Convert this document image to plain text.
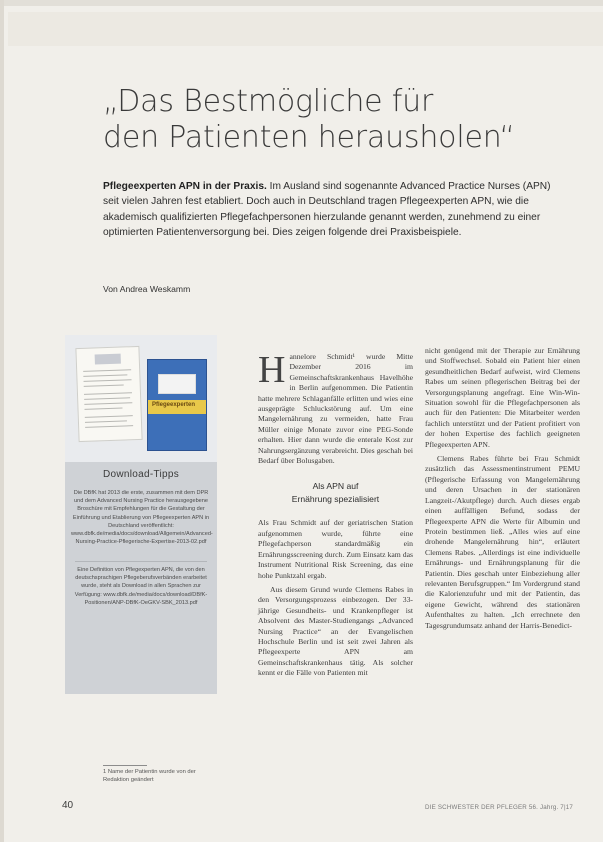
„Das Bestmögliche für
den Patienten herausholen“
Pflegeexperten APN in der Praxis. Im Ausland sind sogenannte Advanced Practice Nurses (APN) seit vielen Jahren fest etabliert. Doch auch in Deutschland tragen Pflegeexperten APN, wie die akademisch qualifizierten Pflegefachpersonen hierzulande genannt werden, zunehmend zu einer optimierten Patientenversorgung bei. Dies zeigen folgende drei Praxisbeispiele.
Von Andrea Weskamm
Pflegeexperten
Download-Tipps
Die DBfK hat 2013 die erste, zusammen mit dem DPR und dem Advanced Nursing Practice herausgegebene Broschüre mit Empfehlungen für die Gestaltung der Einführung und Etablierung von Pflegeexperten APN in Deutschland veröffentlicht: www.dbfk.de/media/docs/download/Allgemein/Advanced-Nursing-Practice-Pflegerische-Expertise-2013-02.pdf
Eine Definition von Pflegexperten APN, die von den deutschsprachigen Pflegeberufsverbänden erarbeitet wurde, steht als Download in allen Sprachen zur Verfügung: www.dbfk.de/media/docs/download/DBfK-Positionen/ANP-DBfK-OeGKV-SBK_2013.pdf
1 Name der Patientin wurde von der Redaktion geändert

Hannelore Schmidt¹ wurde Mitte Dezember 2016 im Gemeinschaftskrankenhaus Havelhöhe in Berlin aufgenommen. Die Patientin hatte mehrere Schlaganfälle erlitten und wies eine ausgeprägte Schluckstörung auf. Um eine Mangelernährung zu vermeiden, hatte Frau Müller einige Monate zuvor eine PEG-Sonde erhalten. Hier dann wurde die enterale Kost zur Nahrungsergänzung verabreicht. Dies geschah bei Bedarf über Bolusgaben.

Als APN auf
Ernährung spezialisiert

Als Frau Schmidt auf der geriatrischen Station aufgenommen wurde, führte eine Pflegefachperson standardmäßig ein Ernährungsscreening durch. Zum Einsatz kam das Instrument Nutritional Risk Screening, das eine hohe Punktzahl ergab.

Aus diesem Grund wurde Clemens Rabes in den Versorgungsprozess einbezogen. Der 33-jährige Gesundheits- und Krankenpfleger ist Absolvent des Master-Studiengangs „Advanced Nursing Practice“ an der Evangelischen Hochschule Berlin und ist seit zwei Jahren als Pflegeexperte APN am Gemeinschaftskrankenhaus tätig. Als solcher kennt er die Fälle von Patienten mit

nicht genügend mit der Therapie zur Ernährung und Stoffwechsel. Sobald ein Patient hier einen gesundheitlichen Bedarf aufweist, wird Clemens Rabes um seinen pflegerischen Beitrag bei der Versorgungsplanung angefragt. Eine Win-Win-Situation sowohl für die Pflegefachpersonen als auch für den Patienten: Die Mitarbeiter werden fachlich unterstützt und der Patient profitiert von der hohen Expertise des fachlich geeigneten Pflegeexperten APN.

Clemens Rabes führte bei Frau Schmidt zusätzlich das Assessmentinstrument PEMU (Pflegerische Erfassung von Mangelernährung und deren Ursachen in der stationären Langzeit-/Akutpflege) durch. Auch dieses ergab einen auffälligen Befund, sodass der Pflegeexperte APN die Werte für Albumin und Protein bestimmen ließ. „Alles wies auf eine drohende Mangelernährung hin“, erläutert Clemens Rabes. „Allerdings ist eine individuelle Ernährungs- und Ernährungsplanung für die Patientin. Dies geschah unter Einbeziehung aller relevanten Berufsgruppen.“ Im Vordergrund stand die Kalorienzufuhr und mit der Patientin, das eigene Gewicht, während des stationären Aufenthaltes zu halten. „Ich errechnete den Tagesgrundumsatz anhand der Harris-Benedict-

40	DIE SCHWESTER DER PFLEGER 56. Jahrg. 7|17
